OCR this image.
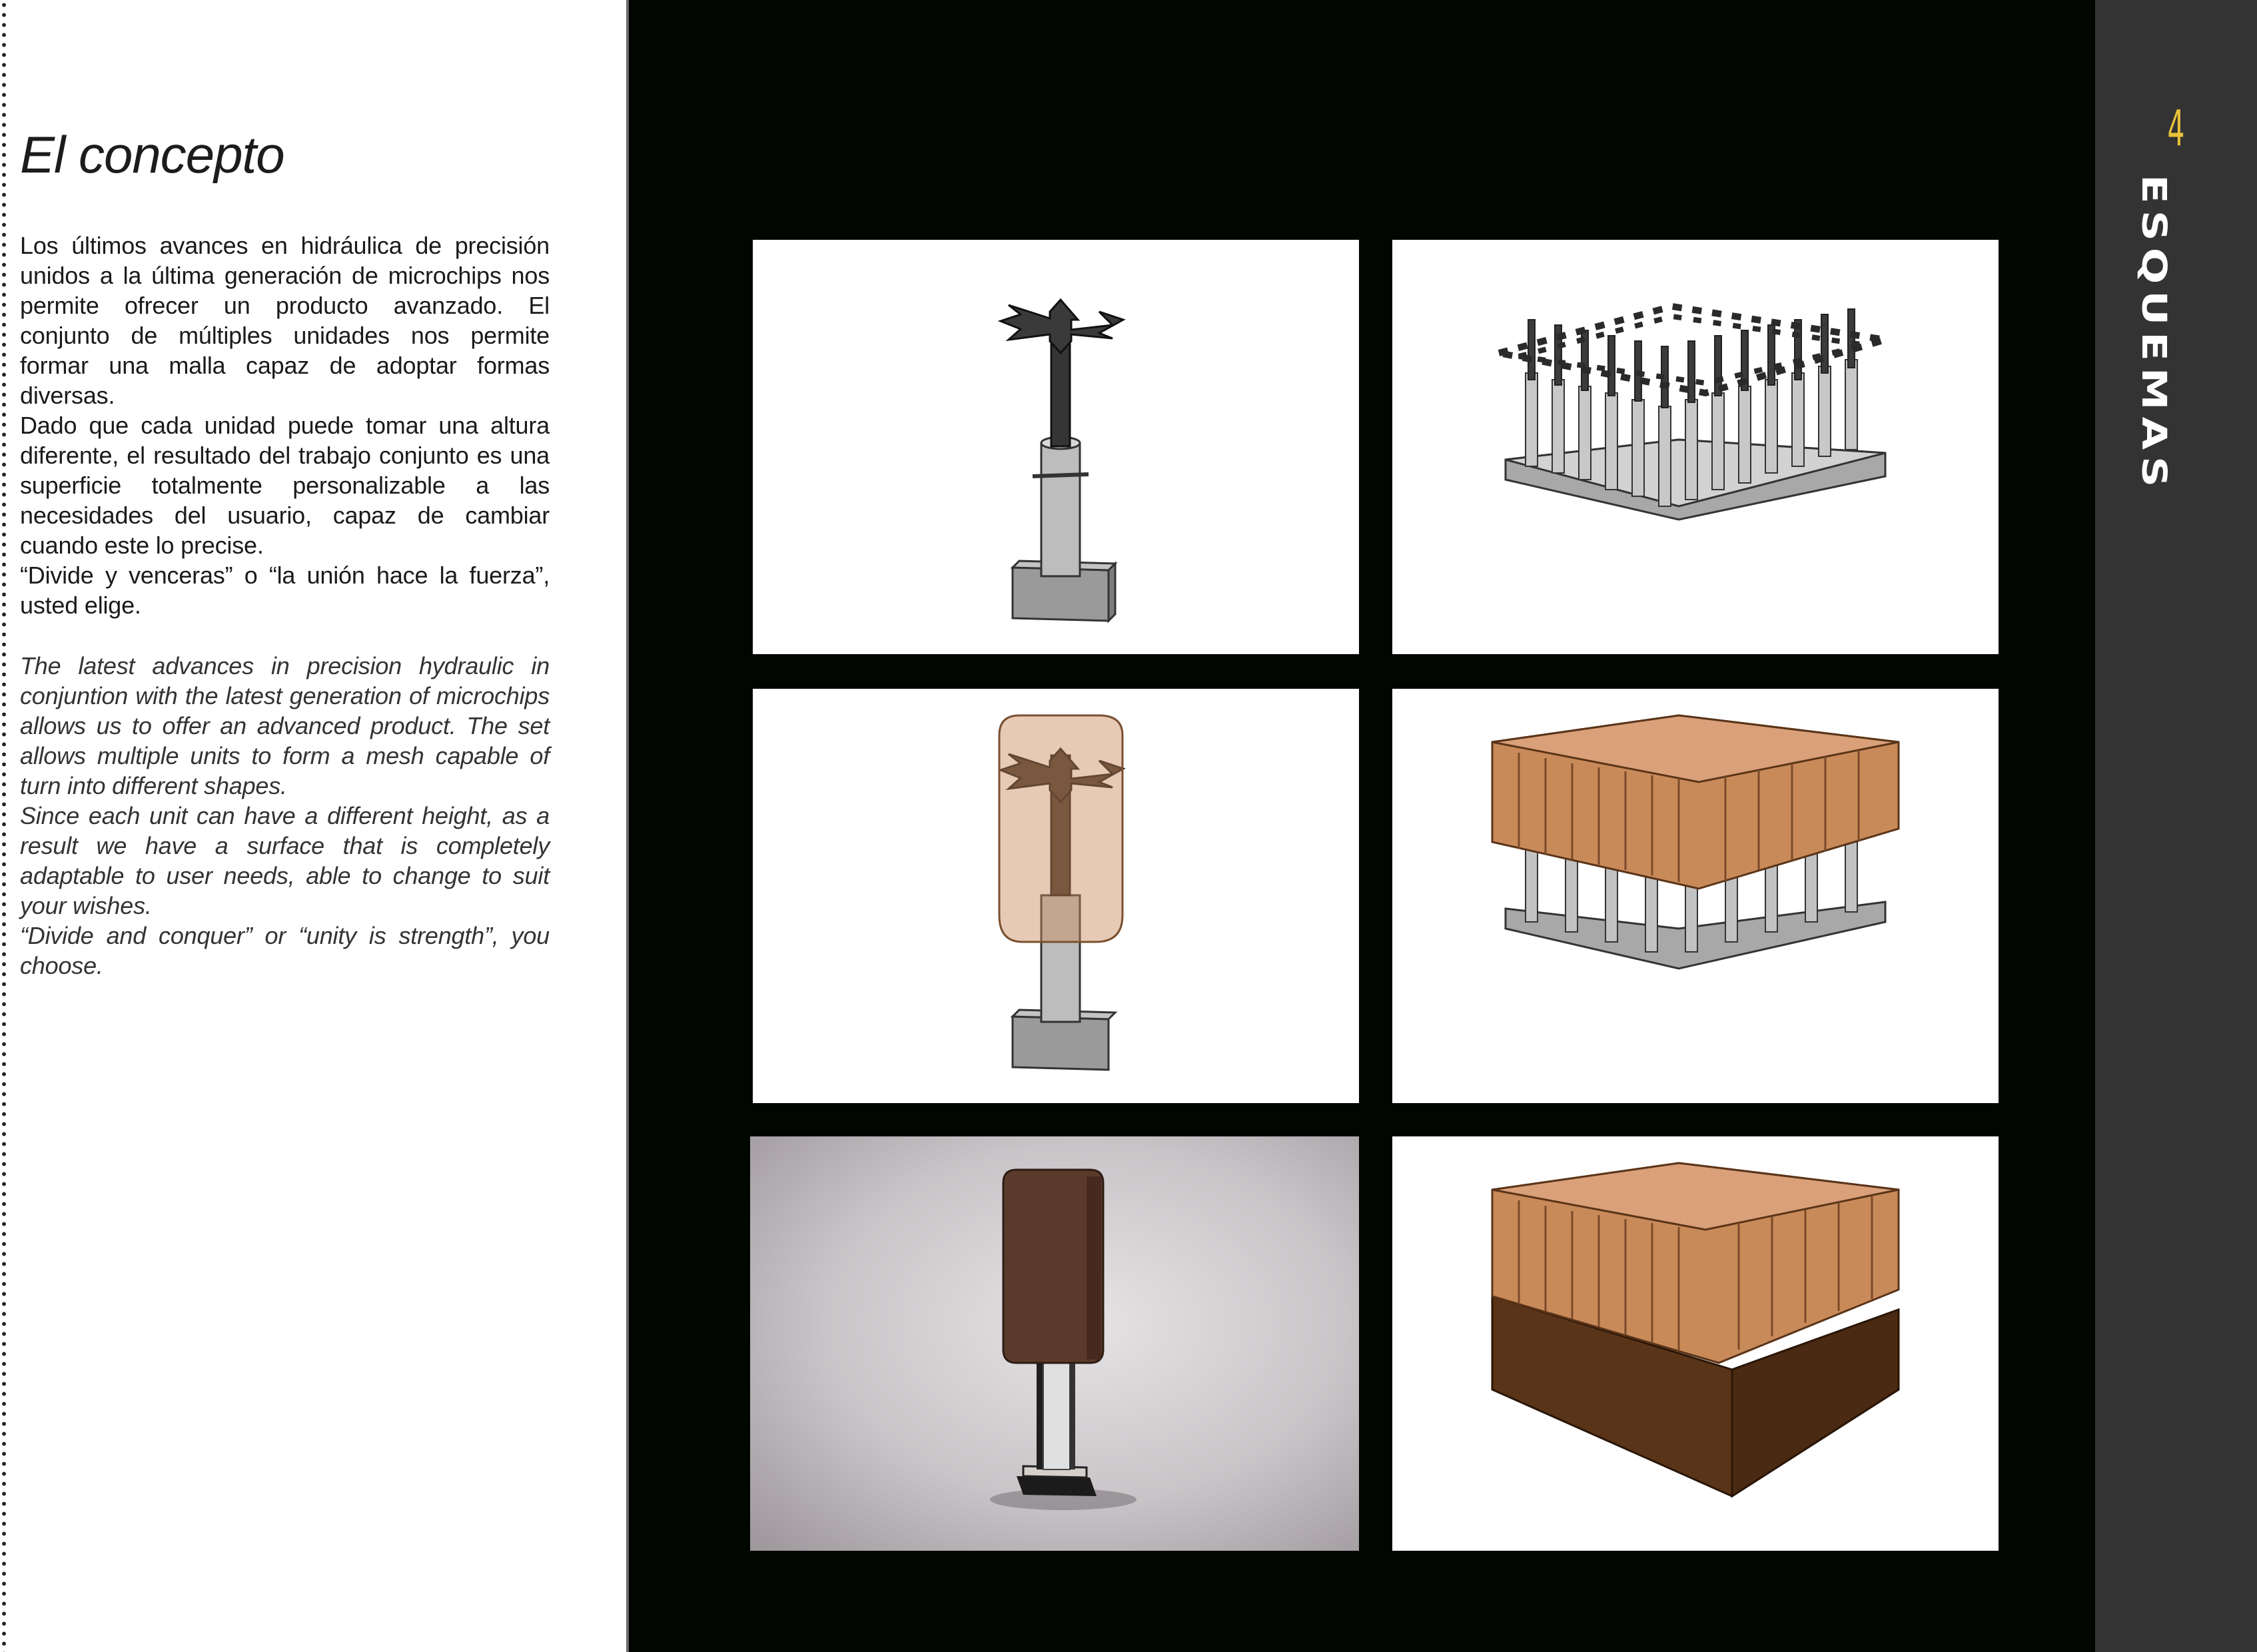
El concepto
Los últimos avances en hidráulica de precisión unidos a la última generación de microchips nos permite ofrecer un producto avanzado. El conjunto de múltiples unidades nos permite formar una malla capaz de adoptar formas diversas.
Dado que cada unidad puede tomar una altura diferente, el resultado del trabajo conjunto es una superficie totalmente personalizable a las necesidades del usuario, capaz de cambiar cuando este lo precise.
“Divide y venceras” o “la unión hace la fuerza”, usted elige.
The latest advances in precision hydraulic in conjuntion with the latest generation of microchips allows us to offer an advanced product. The set allows multiple units to form a mesh capable of turn into different shapes.
Since each unit can have a different height, as a result we have a surface that is completely adaptable to user needs, able to change to suit your wishes.
“Divide and conquer” or “unity is strength”, you choose.
4
ESQUEMAS
